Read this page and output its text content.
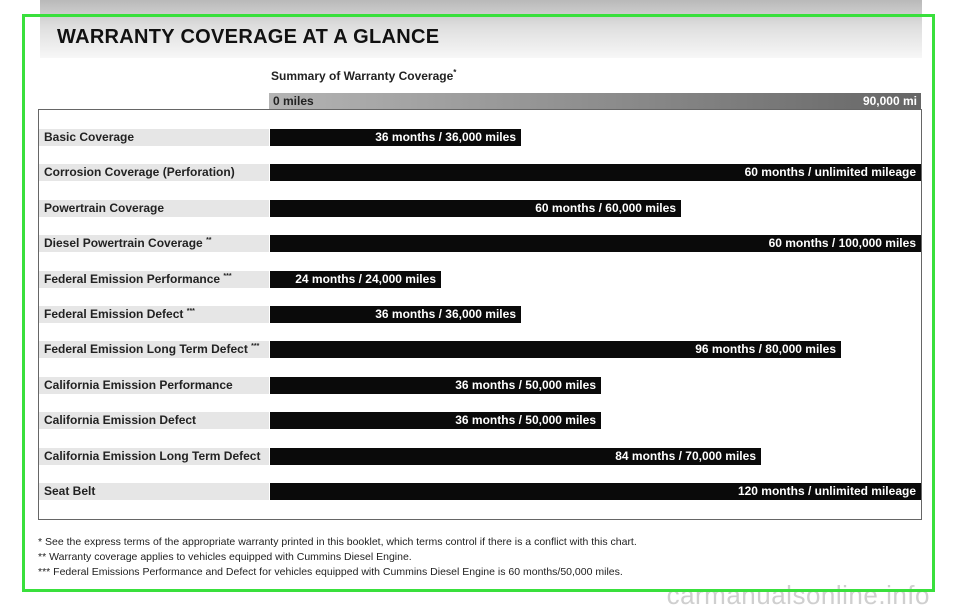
WARRANTY COVERAGE AT A GLANCE
Summary of Warranty Coverage*
0 miles	90,000 mi
Basic Coverage	36 months / 36,000 miles
Corrosion Coverage (Perforation)	60 months / unlimited mileage
Powertrain Coverage	60 months / 60,000 miles
Diesel Powertrain Coverage **	60 months / 100,000 miles
Federal Emission Performance ***	24 months / 24,000 miles
Federal Emission Defect ***	36 months / 36,000 miles
Federal Emission Long Term Defect ***	96 months / 80,000 miles
California Emission Performance	36 months / 50,000 miles
California Emission Defect	36 months / 50,000 miles
California Emission Long Term Defect	84 months / 70,000 miles
Seat Belt	120 months / unlimited mileage
* See the express terms of the appropriate warranty printed in this booklet, which terms control if there is a conflict with this chart.
** Warranty coverage applies to vehicles equipped with Cummins Diesel Engine.
*** Federal Emissions Performance and Defect for vehicles equipped with Cummins Diesel Engine is 60 months/50,000 miles.
carmanualsonline.info
